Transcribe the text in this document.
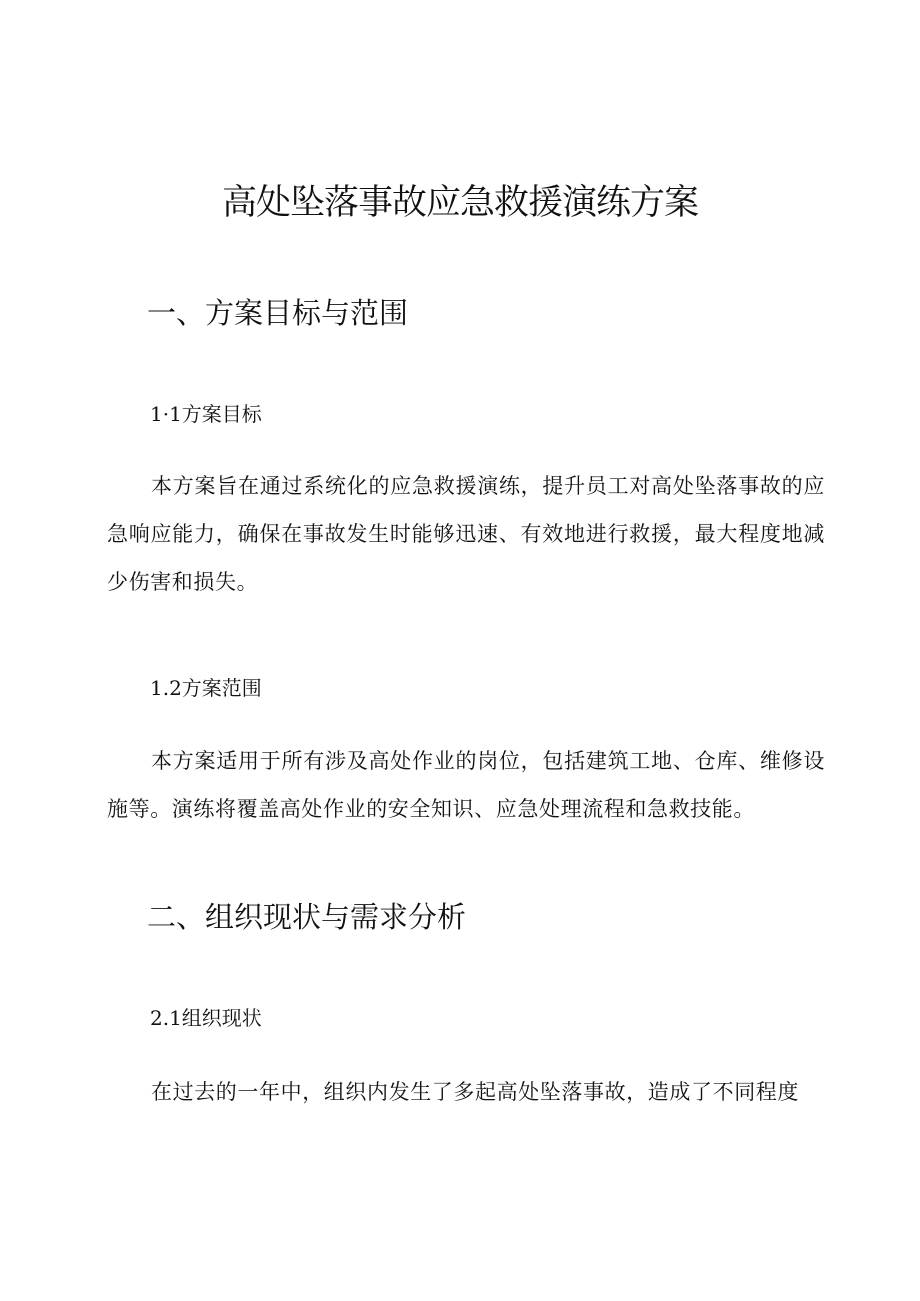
高处坠落事故应急救援演练方案
一、方案目标与范围
1·1方案目标

本方案旨在通过系统化的应急救援演练，提升员工对高处坠落事故的应急响应能力，确保在事故发生时能够迅速、有效地进行救援，最大程度地减少伤害和损失。

1.2方案范围

本方案适用于所有涉及高处作业的岗位，包括建筑工地、仓库、维修设施等。演练将覆盖高处作业的安全知识、应急处理流程和急救技能。

二、组织现状与需求分析
2.1组织现状

在过去的一年中，组织内发生了多起高处坠落事故，造成了不同程度
